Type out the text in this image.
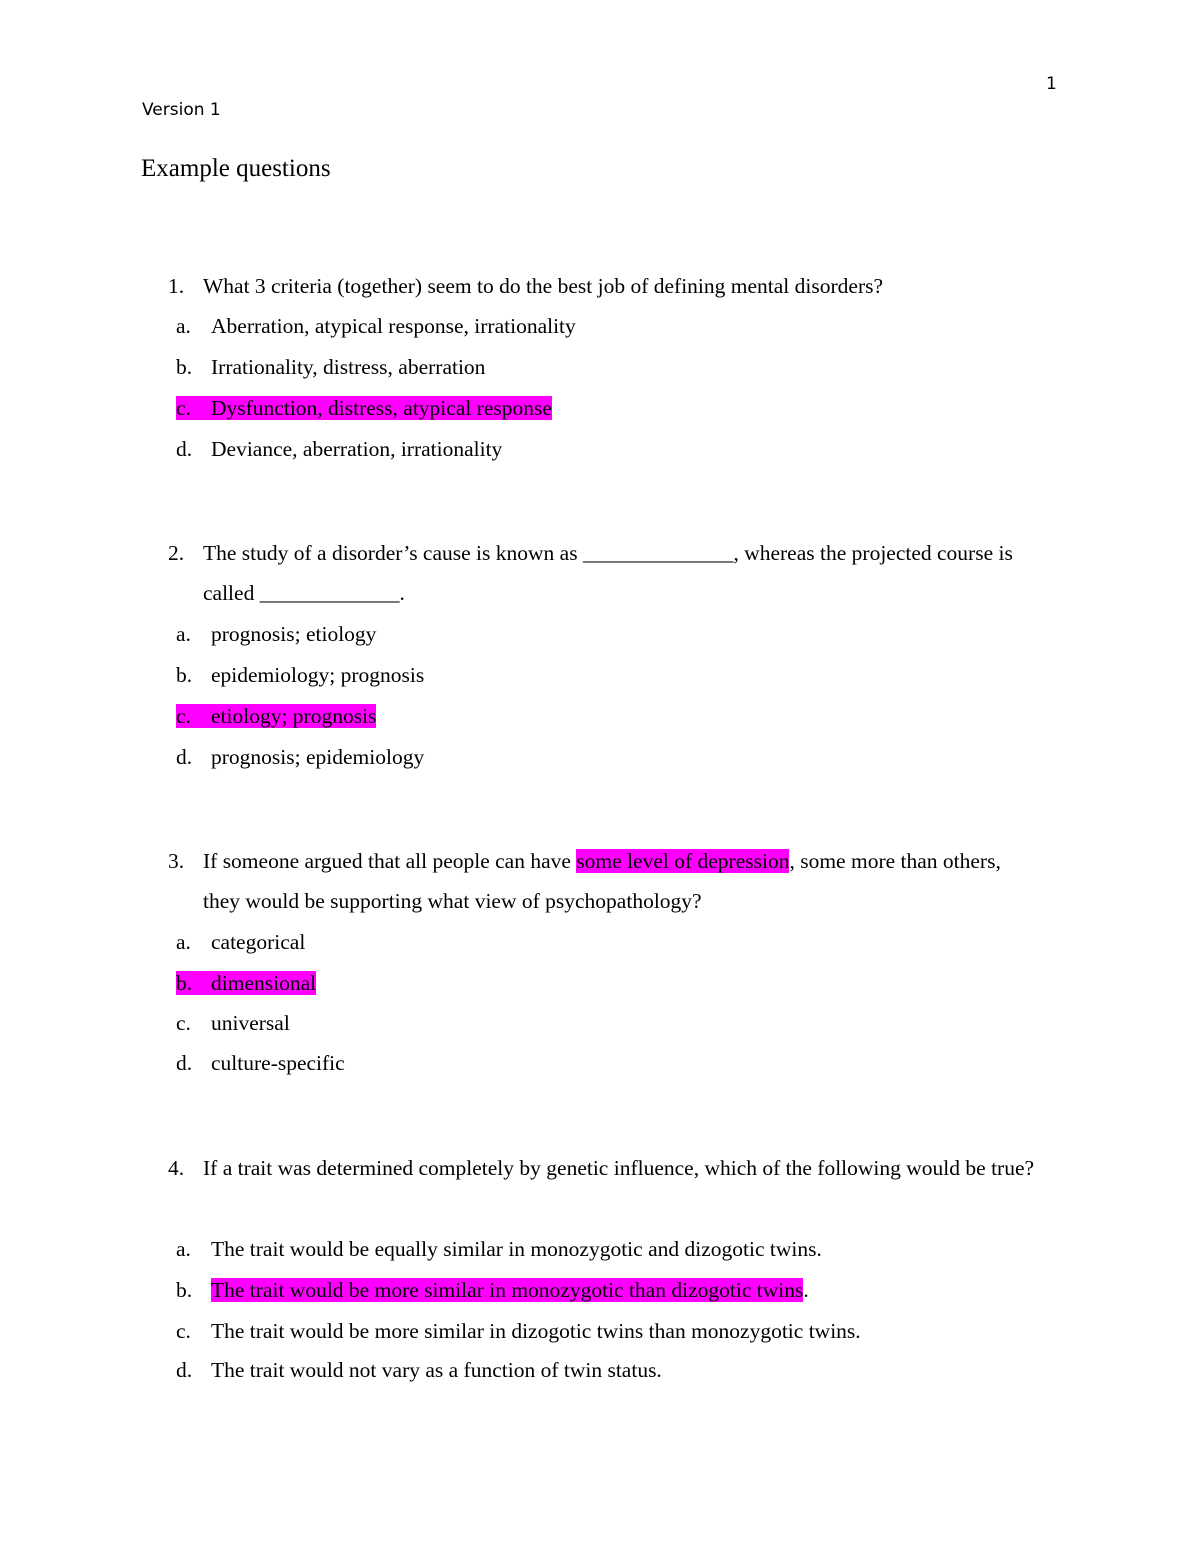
1
Version 1
Example questions
1. What 3 criteria (together) seem to do the best job of defining mental disorders?
a. Aberration, atypical response, irrationality
b. Irrationality, distress, aberration
c. Dysfunction, distress, atypical response
d. Deviance, aberration, irrationality
2. The study of a disorder’s cause is known as ______________, whereas the projected course is called _____________.
a. prognosis; etiology
b. epidemiology; prognosis
c. etiology; prognosis
d. prognosis; epidemiology
3. If someone argued that all people can have some level of depression, some more than others, they would be supporting what view of psychopathology?
a. categorical
b. dimensional
c. universal
d. culture-specific
4. If a trait was determined completely by genetic influence, which of the following would be true?
a. The trait would be equally similar in monozygotic and dizogotic twins.
b. The trait would be more similar in monozygotic than dizogotic twins.
c. The trait would be more similar in dizogotic twins than monozygotic twins.
d. The trait would not vary as a function of twin status.
